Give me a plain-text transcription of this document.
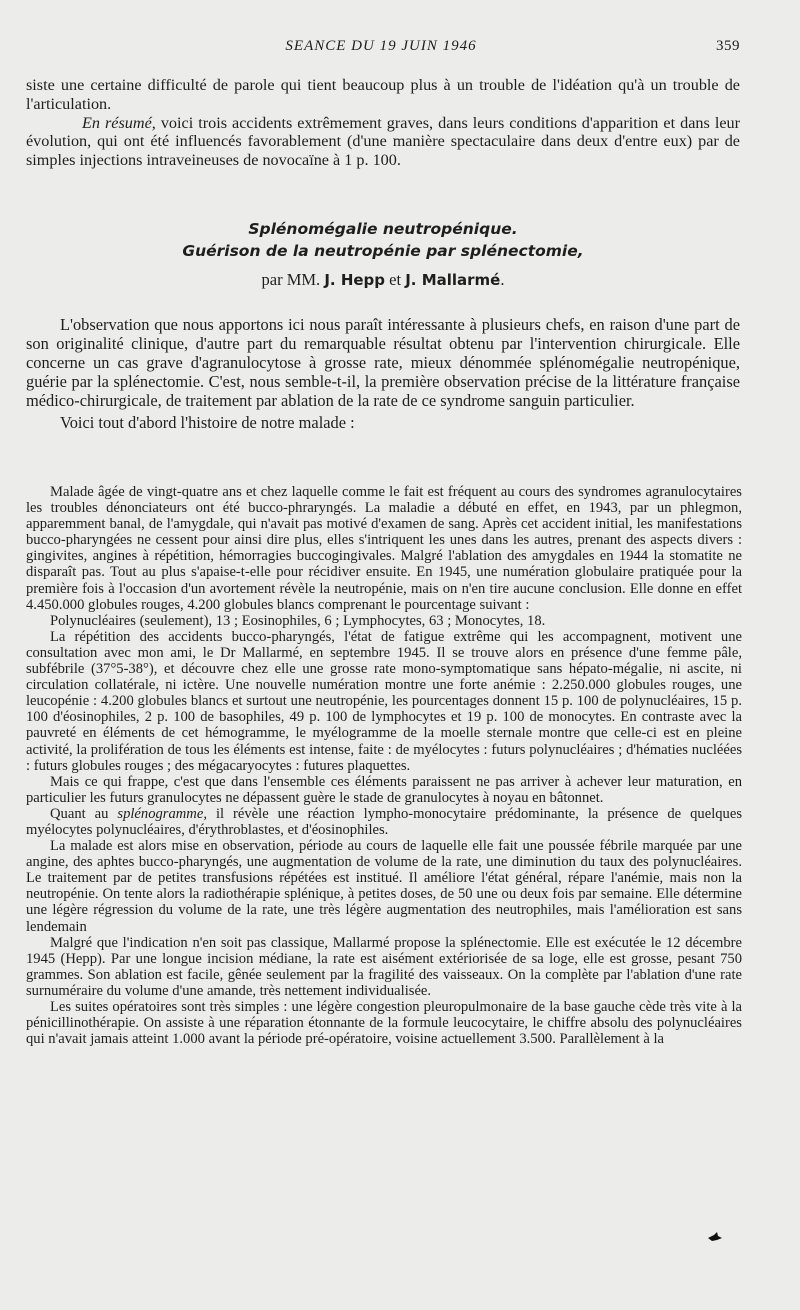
SEANCE DU 19 JUIN 1946	359

siste une certaine difficulté de parole qui tient beaucoup plus à un trouble de l'idéation qu'à un trouble de l'articulation.

En résumé, voici trois accidents extrêmement graves, dans leurs conditions d'apparition et dans leur évolution, qui ont été influencés favorablement (d'une manière spectaculaire dans deux d'entre eux) par de simples injections intraveineuses de novocaïne à 1 p. 100.

Splénomégalie neutropénique.
Guérison de la neutropénie par splénectomie,
par MM. J. Hepp et J. Mallarmé.

L'observation que nous apportons ici nous paraît intéressante à plusieurs chefs, en raison d'une part de son originalité clinique, d'autre part du remarquable résultat obtenu par l'intervention chirurgicale. Elle concerne un cas grave d'agranulocytose à grosse rate, mieux dénommée splénomégalie neutropénique, guérie par la splénectomie. C'est, nous semble-t-il, la première observation précise de la littérature française médico-chirurgicale, de traitement par ablation de la rate de ce syndrome sanguin particulier.

Voici tout d'abord l'histoire de notre malade :

Malade âgée de vingt-quatre ans et chez laquelle comme le fait est fréquent au cours des syndromes agranulocytaires les troubles dénonciateurs ont été bucco-phraryngés. La maladie a débuté en effet, en 1943, par un phlegmon, apparemment banal, de l'amygdale, qui n'avait pas motivé d'examen de sang. Après cet accident initial, les manifestations bucco-pharyngées ne cessent pour ainsi dire plus, elles s'intriquent les unes dans les autres, prenant des aspects divers : gingivites, angines à répétition, hémorragies buccogingivales. Malgré l'ablation des amygdales en 1944 la stomatite ne disparaît pas. Tout au plus s'apaise-t-elle pour récidiver ensuite. En 1945, une numération globulaire pratiquée pour la première fois à l'occasion d'un avortement révèle la neutropénie, mais on n'en tire aucune conclusion. Elle donne en effet 4.450.000 globules rouges, 4.200 globules blancs comprenant le pourcentage suivant :

Polynucléaires (seulement), 13 ; Eosinophiles, 6 ; Lymphocytes, 63 ; Monocytes, 18.

La répétition des accidents bucco-pharyngés, l'état de fatigue extrême qui les accompagnent, motivent une consultation avec mon ami, le Dr Mallarmé, en septembre 1945. Il se trouve alors en présence d'une femme pâle, subfébrile (37°5-38°), et découvre chez elle une grosse rate mono-symptomatique sans hépato-mégalie, ni ascite, ni circulation collatérale, ni ictère. Une nouvelle numération montre une forte anémie : 2.250.000 globules rouges, une leucopénie : 4.200 globules blancs et surtout une neutropénie, les pourcentages donnent 15 p. 100 de polynucléaires, 15 p. 100 d'éosinophiles, 2 p. 100 de basophiles, 49 p. 100 de lymphocytes et 19 p. 100 de monocytes. En contraste avec la pauvreté en éléments de cet hémogramme, le myélogramme de la moelle sternale montre que celle-ci est en pleine activité, la prolifération de tous les éléments est intense, faite : de myélocytes : futurs polynucléaires ; d'hématies nucléées : futurs globules rouges ; des mégacaryocytes : futures plaquettes.

Mais ce qui frappe, c'est que dans l'ensemble ces éléments paraissent ne pas arriver à achever leur maturation, en particulier les futurs granulocytes ne dépassent guère le stade de granulocytes à noyau en bâtonnet.

Quant au splénogramme, il révèle une réaction lympho-monocytaire prédominante, la présence de quelques myélocytes polynucléaires, d'érythroblastes, et d'éosinophiles.

La malade est alors mise en observation, période au cours de laquelle elle fait une poussée fébrile marquée par une angine, des aphtes bucco-pharyngés, une augmentation de volume de la rate, une diminution du taux des polynucléaires. Le traitement par de petites transfusions répétées est institué. Il améliore l'état général, répare l'anémie, mais non la neutropénie. On tente alors la radiothérapie splénique, à petites doses, de 50 une ou deux fois par semaine. Elle détermine une légère régression du volume de la rate, une très légère augmentation des neutrophiles, mais l'amélioration est sans lendemain

Malgré que l'indication n'en soit pas classique, Mallarmé propose la splénectomie. Elle est exécutée le 12 décembre 1945 (Hepp). Par une longue incision médiane, la rate est aisément extériorisée de sa loge, elle est grosse, pesant 750 grammes. Son ablation est facile, gênée seulement par la fragilité des vaisseaux. On la complète par l'ablation d'une rate surnuméraire du volume d'une amande, très nettement individualisée.

Les suites opératoires sont très simples : une légère congestion pleuropulmonaire de la base gauche cède très vite à la pénicillinothérapie. On assiste à une réparation étonnante de la formule leucocytaire, le chiffre absolu des polynucléaires qui n'avait jamais atteint 1.000 avant la période pré-opératoire, voisine actuellement 3.500. Parallèlement à la
